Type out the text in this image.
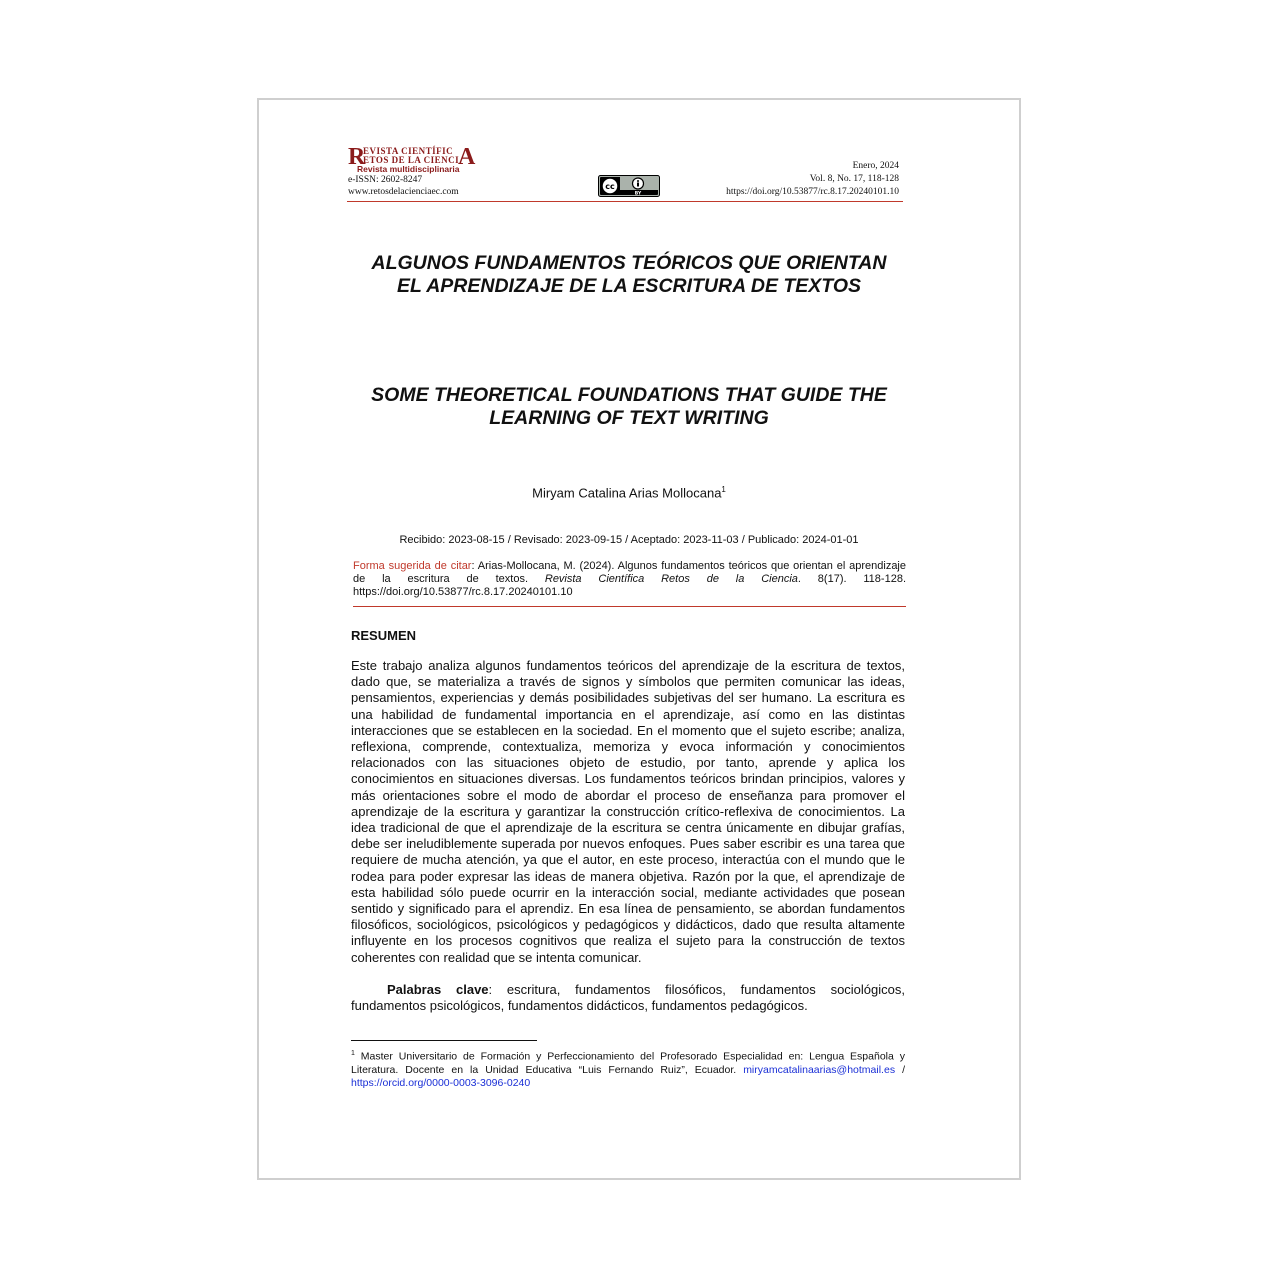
R
EVISTA CIENTÍFIC
ETOS DE LA CIENCI
A
Revista multidisciplinaria
e-ISSN: 2602-8247
www.retosdelacienciaec.com
cc
BY
Enero, 2024
Vol. 8, No. 17, 118-128
https://doi.org/10.53877/rc.8.17.20240101.10
ALGUNOS FUNDAMENTOS TEÓRICOS QUE ORIENTAN
EL APRENDIZAJE DE LA ESCRITURA DE TEXTOS
SOME THEORETICAL FOUNDATIONS THAT GUIDE THE
LEARNING OF TEXT WRITING
Miryam Catalina Arias Mollocana$^1$
Recibido: 2023-08-15 / Revisado: 2023-09-15 / Aceptado: 2023-11-03 / Publicado: 2024-01-01
Forma sugerida de citar: Arias-Mollocana, M. (2024). Algunos fundamentos teóricos que orientan el aprendizaje de la escritura de textos. Revista Científica Retos de la Ciencia. 8(17). 118-128. https://doi.org/10.53877/rc.8.17.20240101.10
RESUMEN
Este trabajo analiza algunos fundamentos teóricos del aprendizaje de la escritura de textos, dado que, se materializa a través de signos y símbolos que permiten comunicar las ideas, pensamientos, experiencias y demás posibilidades subjetivas del ser humano. La escritura es una habilidad de fundamental importancia en el aprendizaje, así como en las distintas interacciones que se establecen en la sociedad. En el momento que el sujeto escribe; analiza, reflexiona, comprende, contextualiza, memoriza y evoca información y conocimientos relacionados con las situaciones objeto de estudio, por tanto, aprende y aplica los conocimientos en situaciones diversas. Los fundamentos teóricos brindan principios, valores y más orientaciones sobre el modo de abordar el proceso de enseñanza para promover el aprendizaje de la escritura y garantizar la construcción crítico-reflexiva de conocimientos. La idea tradicional de que el aprendizaje de la escritura se centra únicamente en dibujar grafías, debe ser ineludiblemente superada por nuevos enfoques. Pues saber escribir es una tarea que requiere de mucha atención, ya que el autor, en este proceso, interactúa con el mundo que le rodea para poder expresar las ideas de manera objetiva. Razón por la que, el aprendizaje de esta habilidad sólo puede ocurrir en la interacción social, mediante actividades que posean sentido y significado para el aprendiz. En esa línea de pensamiento, se abordan fundamentos filosóficos, sociológicos, psicológicos y pedagógicos y didácticos, dado que resulta altamente influyente en los procesos cognitivos que realiza el sujeto para la construcción de textos coherentes con realidad que se intenta comunicar.
Palabras clave: escritura, fundamentos filosóficos, fundamentos sociológicos, fundamentos psicológicos, fundamentos didácticos, fundamentos pedagógicos.
$^1$ Master Universitario de Formación y Perfeccionamiento del Profesorado Especialidad en: Lengua Española y Literatura. Docente en la Unidad Educativa “Luis Fernando Ruiz”, Ecuador. miryamcatalinaarias@hotmail.es / https://orcid.org/0000-0003-3096-0240
